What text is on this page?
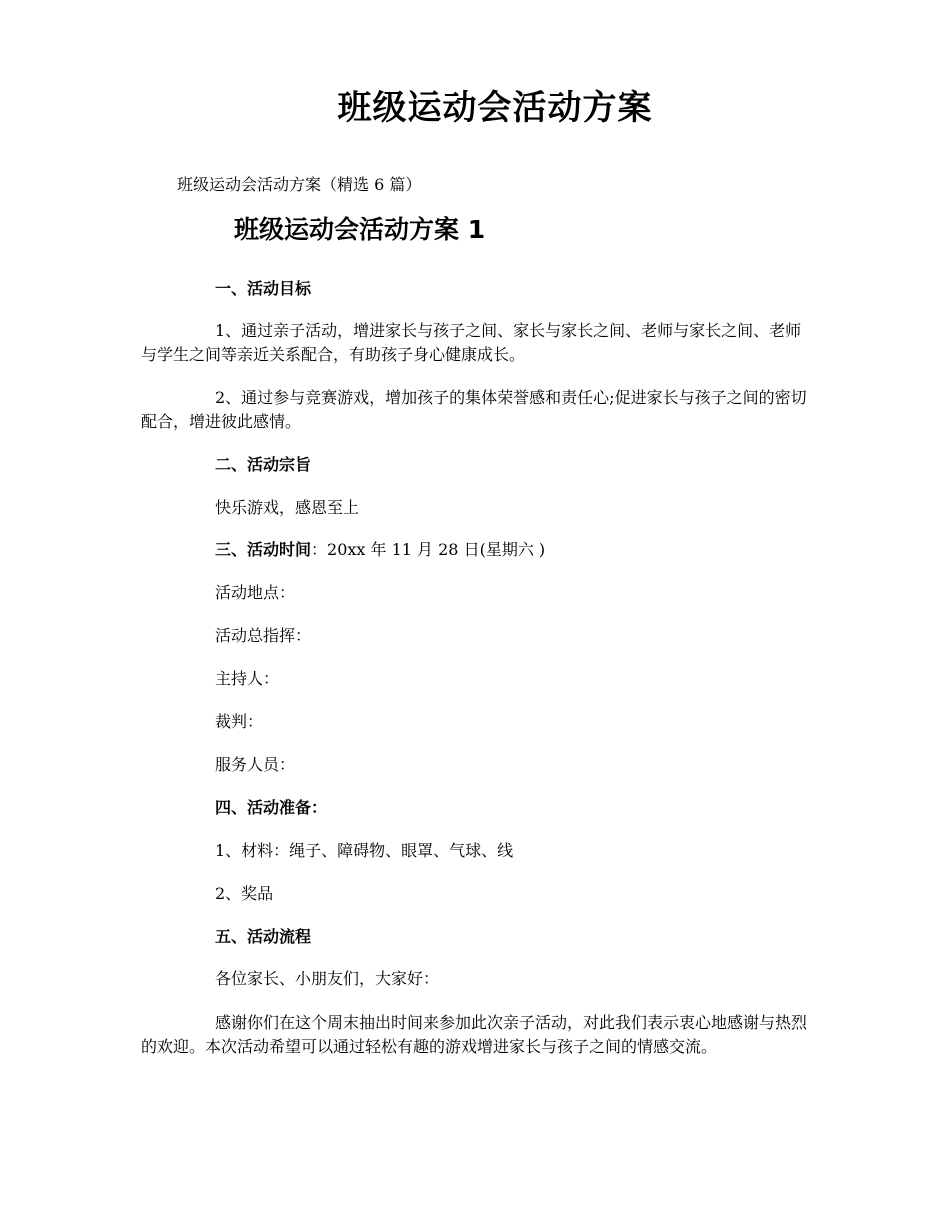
班级运动会活动方案
班级运动会活动方案（精选 6 篇）
班级运动会活动方案 1
一、活动目标
1、通过亲子活动，增进家长与孩子之间、家长与家长之间、老师与家长之间、老师与学生之间等亲近关系配合，有助孩子身心健康成长。
2、通过参与竞赛游戏，增加孩子的集体荣誉感和责任心;促进家长与孩子之间的密切配合，增进彼此感情。
二、活动宗旨
快乐游戏，感恩至上
三、活动时间：20xx 年 11 月 28 日(星期六 )
活动地点：
活动总指挥：
主持人：
裁判：
服务人员：
四、活动准备：
1、材料：绳子、障碍物、眼罩、气球、线
2、奖品
五、活动流程
各位家长、小朋友们，大家好：
感谢你们在这个周末抽出时间来参加此次亲子活动，对此我们表示衷心地感谢与热烈的欢迎。本次活动希望可以通过轻松有趣的游戏增进家长与孩子之间的情感交流。
